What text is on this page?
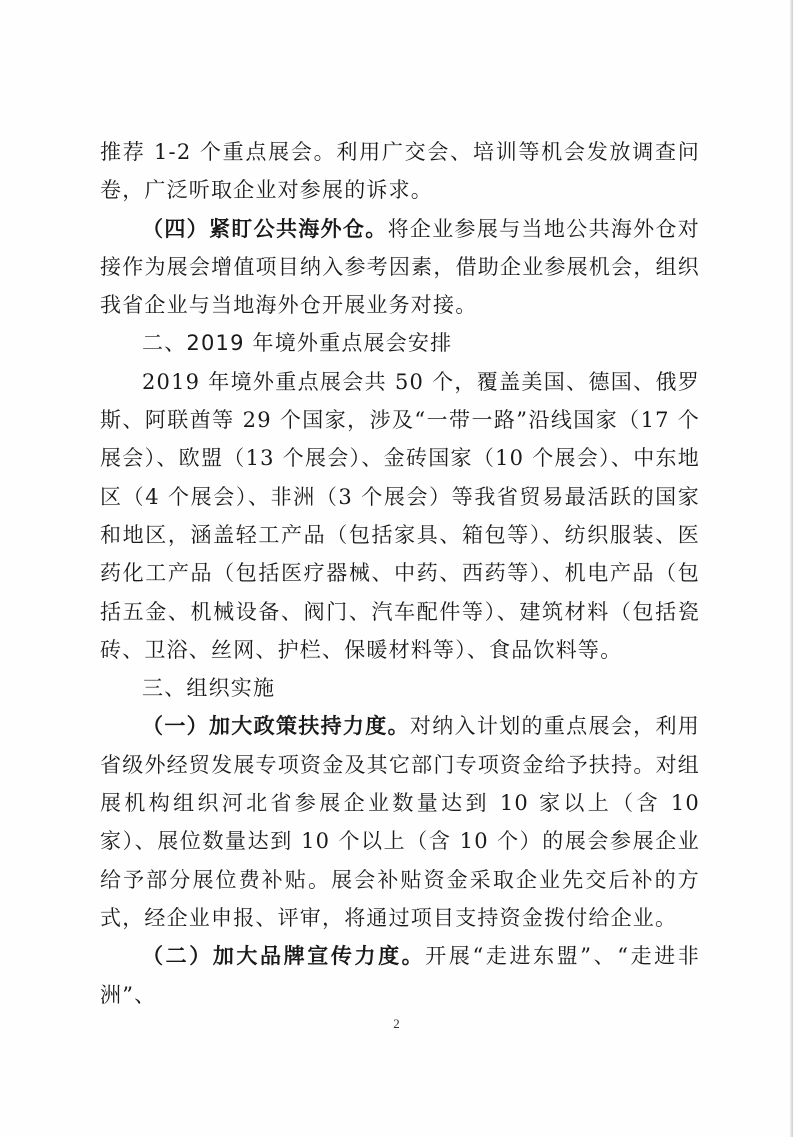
推荐 1-2 个重点展会。利用广交会、培训等机会发放调查问卷，广泛听取企业对参展的诉求。

（四）紧盯公共海外仓。将企业参展与当地公共海外仓对接作为展会增值项目纳入参考因素，借助企业参展机会，组织我省企业与当地海外仓开展业务对接。

二、2019 年境外重点展会安排

2019 年境外重点展会共 50 个，覆盖美国、德国、俄罗斯、阿联酋等 29 个国家，涉及“一带一路”沿线国家（17 个展会）、欧盟（13 个展会）、金砖国家（10 个展会）、中东地区（4 个展会）、非洲（3 个展会）等我省贸易最活跃的国家和地区，涵盖轻工产品（包括家具、箱包等）、纺织服装、医药化工产品（包括医疗器械、中药、西药等）、机电产品（包括五金、机械设备、阀门、汽车配件等）、建筑材料（包括瓷砖、卫浴、丝网、护栏、保暖材料等）、食品饮料等。

三、组织实施

（一）加大政策扶持力度。对纳入计划的重点展会，利用省级外经贸发展专项资金及其它部门专项资金给予扶持。对组展机构组织河北省参展企业数量达到 10 家以上（含 10 家）、展位数量达到 10 个以上（含 10 个）的展会参展企业给予部分展位费补贴。展会补贴资金采取企业先交后补的方式，经企业申报、评审，将通过项目支持资金拨付给企业。

（二）加大品牌宣传力度。开展“走进东盟”、“走进非洲”、

2
